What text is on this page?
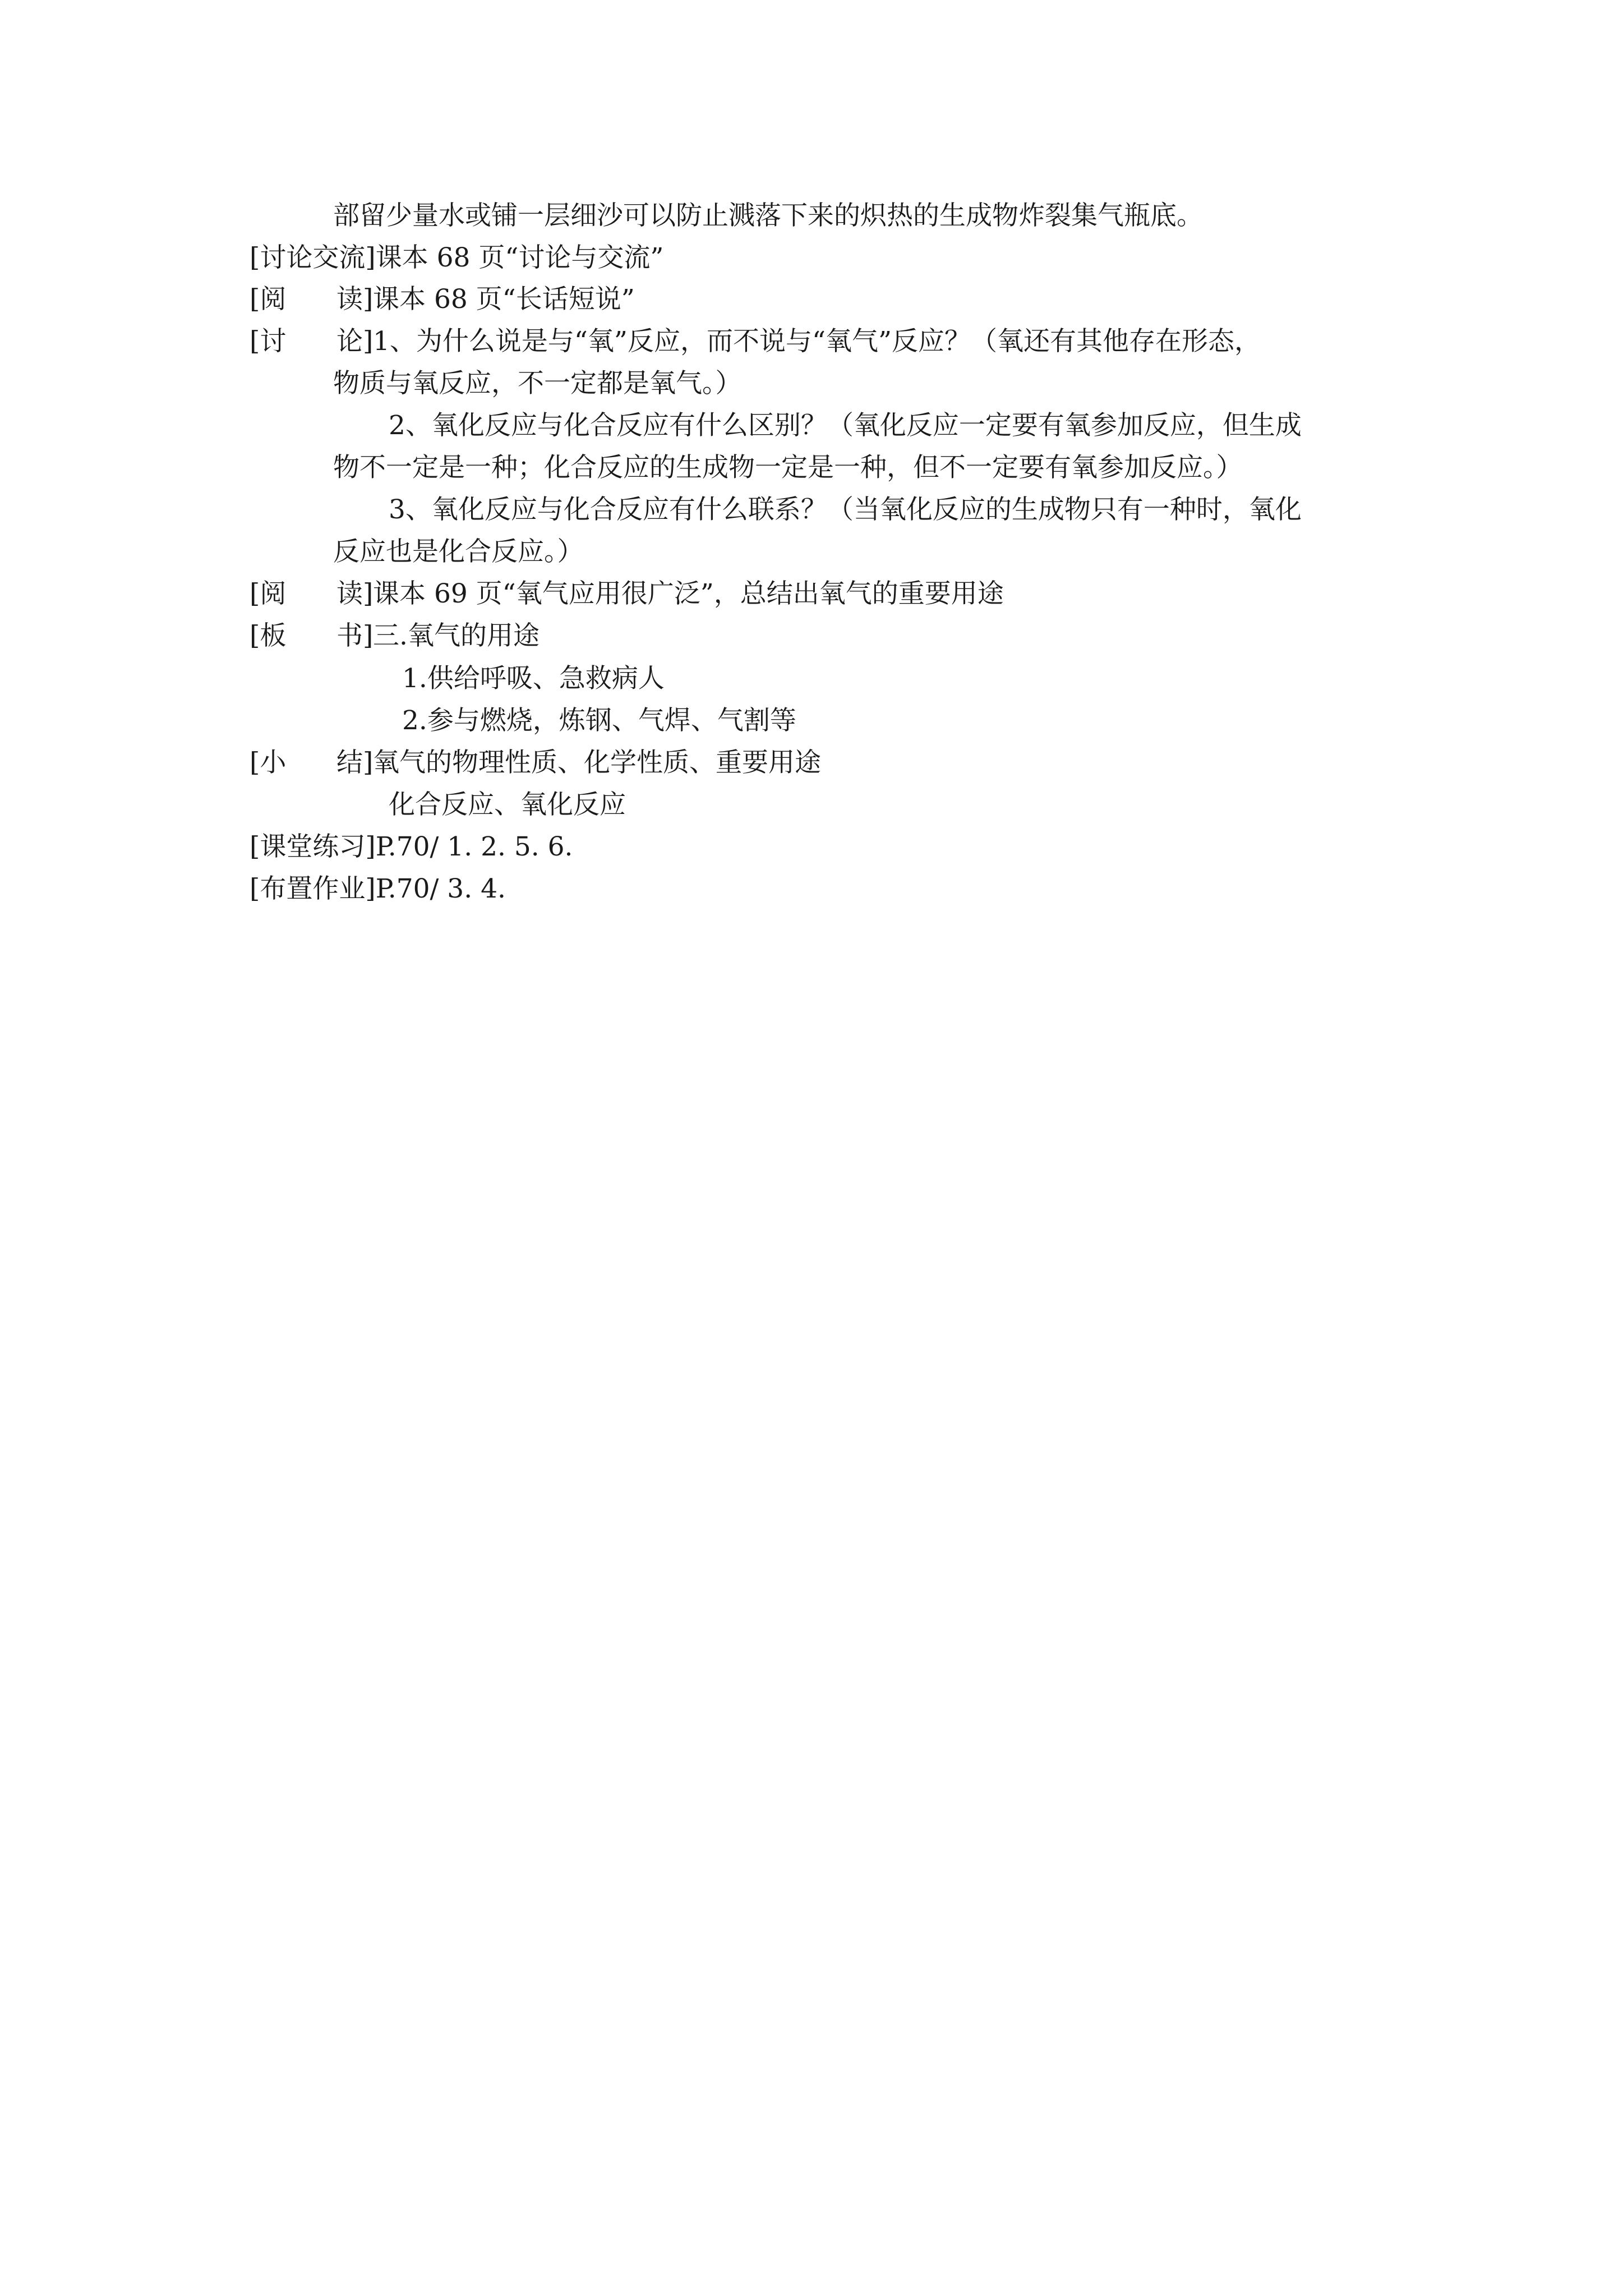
部留少量水或铺一层细沙可以防止溅落下来的炽热的生成物炸裂集气瓶底。
[讨论交流]课本 68 页“讨论与交流”
[阅      读]课本 68 页“长话短说”
[讨      论]1、为什么说是与“氧”反应，而不说与“氧气”反应？（氧还有其他存在形态，
物质与氧反应，不一定都是氧气。）
2、氧化反应与化合反应有什么区别？（氧化反应一定要有氧参加反应，但生成
物不一定是一种；化合反应的生成物一定是一种，但不一定要有氧参加反应。）
3、氧化反应与化合反应有什么联系？（当氧化反应的生成物只有一种时，氧化
反应也是化合反应。）
[阅      读]课本 69 页“氧气应用很广泛”，总结出氧气的重要用途
[板      书]三.氧气的用途
1.供给呼吸、急救病人
2.参与燃烧，炼钢、气焊、气割等
[小      结]氧气的物理性质、化学性质、重要用途
化合反应、氧化反应
[课堂练习]P.70/ 1. 2. 5. 6.
[布置作业]P.70/ 3. 4.
